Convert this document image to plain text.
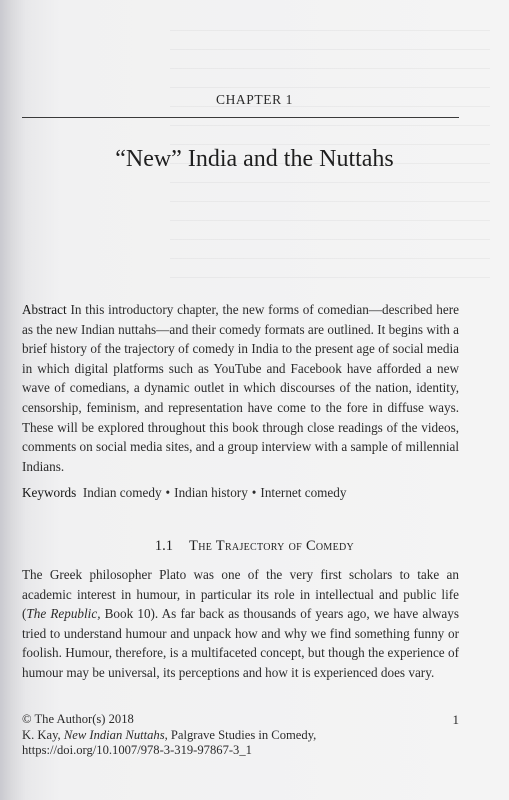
CHAPTER 1
“New” India and the Nuttahs

Abstract In this introductory chapter, the new forms of comedian—described here as the new Indian nuttahs—and their comedy formats are outlined. It begins with a brief history of the trajectory of comedy in India to the present age of social media in which digital platforms such as YouTube and Facebook have afforded a new wave of comedians, a dynamic outlet in which discourses of the nation, identity, censorship, feminism, and representation have come to the fore in diffuse ways. These will be explored throughout this book through close readings of the videos, comments on social media sites, and a group interview with a sample of millennial Indians.

Keywords Indian comedy • Indian history • Internet comedy

1.1 The Trajectory of Comedy

The Greek philosopher Plato was one of the very first scholars to take an academic interest in humour, in particular its role in intellectual and public life (The Republic, Book 10). As far back as thousands of years ago, we have always tried to understand humour and unpack how and why we find something funny or foolish. Humour, therefore, is a multifaceted concept, but though the experience of humour may be universal, its perceptions and how it is experienced does vary.

© The Author(s) 2018
K. Kay, New Indian Nuttahs, Palgrave Studies in Comedy,
https://doi.org/10.1007/978-3-319-97867-3_1
1
